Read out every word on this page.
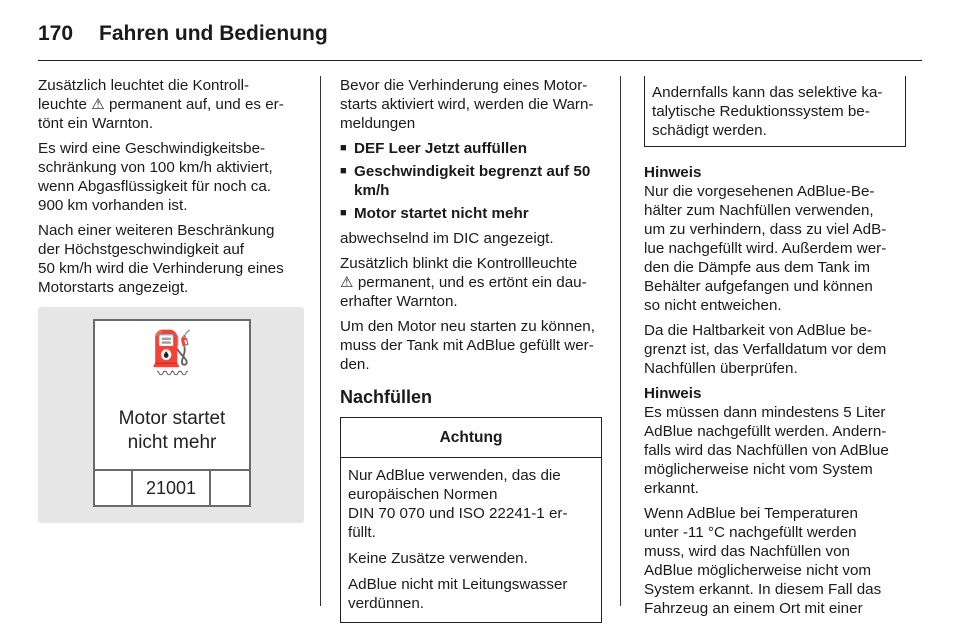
170 Fahren und Bedienung

Zusätzlich leuchtet die Kontroll-
leuchte ⚠ permanent auf, und es er-
tönt ein Warnton.

Es wird eine Geschwindigkeitsbe-
schränkung von 100 km/h aktiviert,
wenn Abgasflüssigkeit für noch ca.
900 km vorhanden ist.

Nach einer weiteren Beschränkung
der Höchstgeschwindigkeit auf
50 km/h wird die Verhinderung eines
Motorstarts angezeigt.

⛽
〰〰
Motor startet
nicht mehr
21001

Bevor die Verhinderung eines Motor-
starts aktiviert wird, werden die Warn-
meldungen

■ DEF Leer Jetzt auffüllen
■ Geschwindigkeit begrenzt auf 50 km/h
■ Motor startet nicht mehr

abwechselnd im DIC angezeigt.

Zusätzlich blinkt die Kontrollleuchte
⚠ permanent, und es ertönt ein dau-
erhafter Warnton.

Um den Motor neu starten zu können,
muss der Tank mit AdBlue gefüllt wer-
den.

Nachfüllen
Achtung

Nur AdBlue verwenden, das die
europäischen Normen
DIN 70 070 und ISO 22241-1 er-
füllt.

Keine Zusätze verwenden.

AdBlue nicht mit Leitungswasser
verdünnen.

Andernfalls kann das selektive ka-
talytische Reduktionssystem be-
schädigt werden.

Hinweis
Nur die vorgesehenen AdBlue-Be-
hälter zum Nachfüllen verwenden,
um zu verhindern, dass zu viel AdB-
lue nachgefüllt wird. Außerdem wer-
den die Dämpfe aus dem Tank im
Behälter aufgefangen und können
so nicht entweichen.

Da die Haltbarkeit von AdBlue be-
grenzt ist, das Verfalldatum vor dem
Nachfüllen überprüfen.

Hinweis
Es müssen dann mindestens 5 Liter
AdBlue nachgefüllt werden. Andern-
falls wird das Nachfüllen von AdBlue
möglicherweise nicht vom System
erkannt.

Wenn AdBlue bei Temperaturen
unter -11 °C nachgefüllt werden
muss, wird das Nachfüllen von
AdBlue möglicherweise nicht vom
System erkannt. In diesem Fall das
Fahrzeug an einem Ort mit einer
